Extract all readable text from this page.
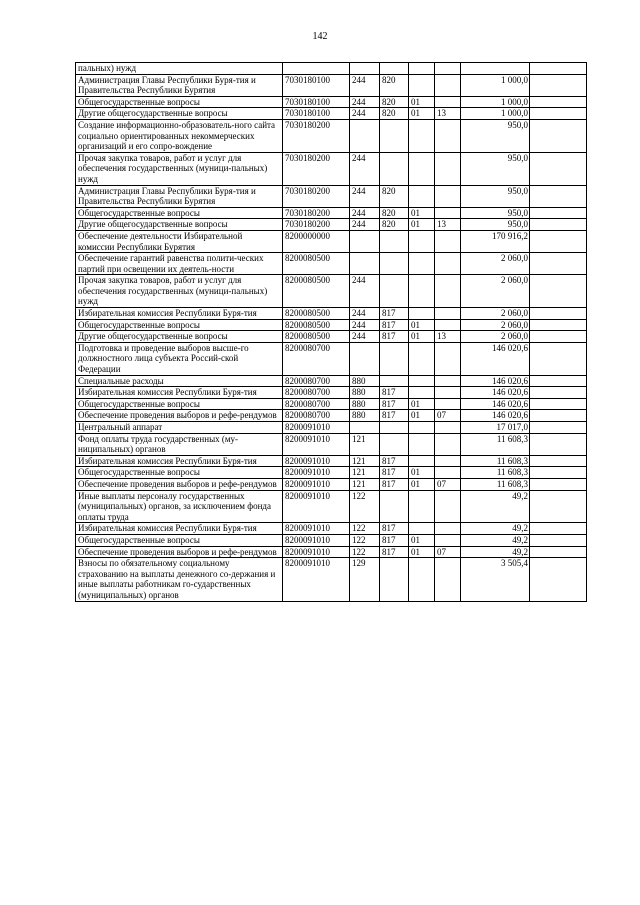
142
пальных) нужд							
Администрация Главы Республики Буря-тия и Правительства Республики Бурятия	7030180100	244	820			1 000,0	
Общегосударственные вопросы	7030180100	244	820	01		1 000,0	
Другие общегосударственные вопросы	7030180100	244	820	01	13	1 000,0	
Создание информационно-образователь-ного сайта социально ориентированных некоммерческих организаций и его сопро-вождение	7030180200					950,0	
Прочая закупка товаров, работ и услуг для обеспечения государственных (муници-пальных) нужд	7030180200	244				950,0	
Администрация Главы Республики Буря-тия и Правительства Республики Бурятия	7030180200	244	820			950,0	
Общегосударственные вопросы	7030180200	244	820	01		950,0	
Другие общегосударственные вопросы	7030180200	244	820	01	13	950,0	
Обеспечение деятельности Избирательной комиссии Республики Бурятия	8200000000					170 916,2	
Обеспечение гарантий равенства полити-ческих партий при освещении их деятель-ности	8200080500					2 060,0	
Прочая закупка товаров, работ и услуг для обеспечения государственных (муници-пальных) нужд	8200080500	244				2 060,0	
Избирательная комиссия Республики Буря-тия	8200080500	244	817			2 060,0	
Общегосударственные вопросы	8200080500	244	817	01		2 060,0	
Другие общегосударственные вопросы	8200080500	244	817	01	13	2 060,0	
Подготовка и проведение выборов высше-го должностного лица субъекта Россий-ской Федерации	8200080700					146 020,6	
Специальные расходы	8200080700	880				146 020,6	
Избирательная комиссия Республики Буря-тия	8200080700	880	817			146 020,6	
Общегосударственные вопросы	8200080700	880	817	01		146 020,6	
Обеспечение проведения выборов и рефе-рендумов	8200080700	880	817	01	07	146 020,6	
Центральный аппарат	8200091010					17 017,0	
Фонд оплаты труда государственных (му-ниципальных) органов	8200091010	121				11 608,3	
Избирательная комиссия Республики Буря-тия	8200091010	121	817			11 608,3	
Общегосударственные вопросы	8200091010	121	817	01		11 608,3	
Обеспечение проведения выборов и рефе-рендумов	8200091010	121	817	01	07	11 608,3	
Иные выплаты персоналу государственных (муниципальных) органов, за исключением фонда оплаты труда	8200091010	122				49,2	
Избирательная комиссия Республики Буря-тия	8200091010	122	817			49,2	
Общегосударственные вопросы	8200091010	122	817	01		49,2	
Обеспечение проведения выборов и рефе-рендумов	8200091010	122	817	01	07	49,2	
Взносы по обязательному социальному страхованию на выплаты денежного со-держания и иные выплаты работникам го-сударственных (муниципальных) органов	8200091010	129				3 505,4	
